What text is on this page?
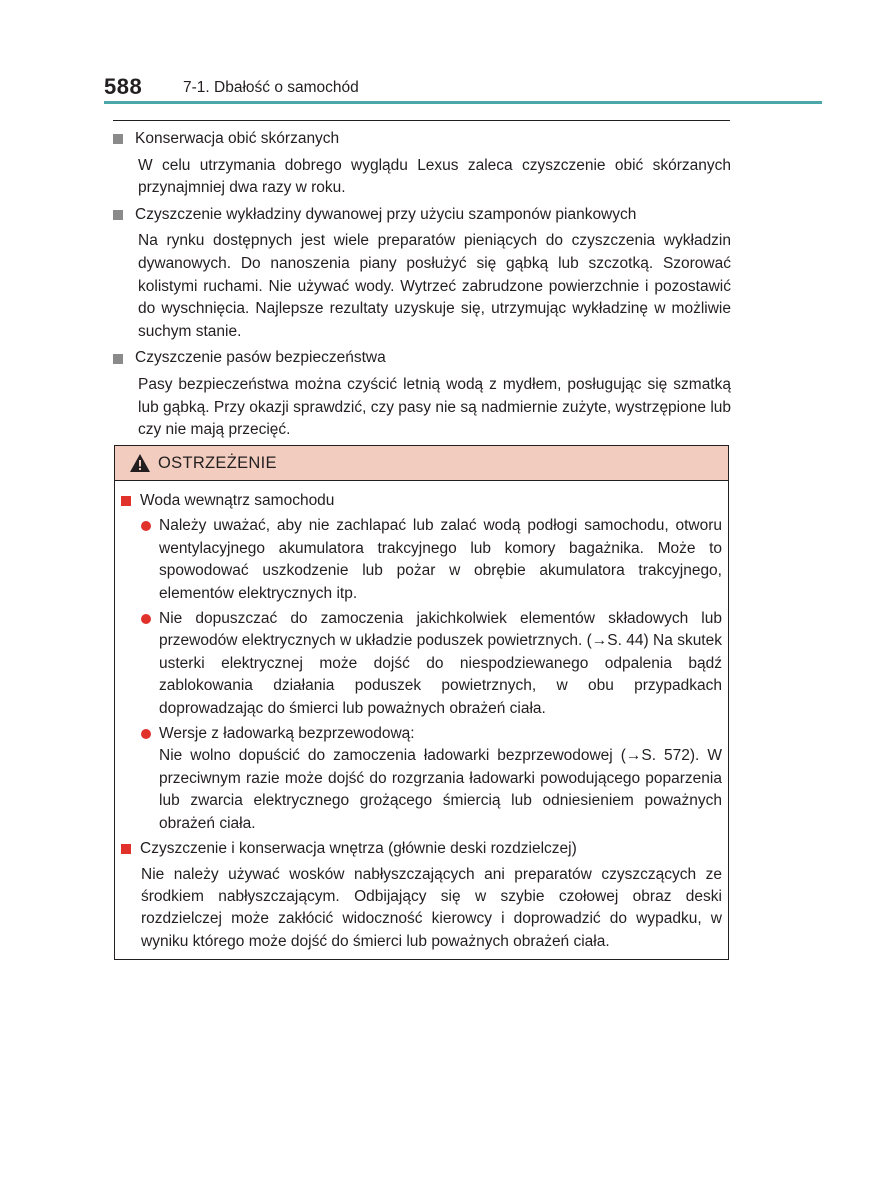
588	7-1. Dbałość o samochód
Konserwacja obić skórzanych

W celu utrzymania dobrego wyglądu Lexus zaleca czyszczenie obić skórzanych przynajmniej dwa razy w roku.

Czyszczenie wykładziny dywanowej przy użyciu szamponów piankowych

Na rynku dostępnych jest wiele preparatów pieniących do czyszczenia wykładzin dywanowych. Do nanoszenia piany posłużyć się gąbką lub szczotką. Szorować kolistymi ruchami. Nie używać wody. Wytrzeć zabrudzone powierzchnie i pozostawić do wyschnięcia. Najlepsze rezultaty uzyskuje się, utrzymując wykładzinę w możliwie suchym stanie.

Czyszczenie pasów bezpieczeństwa

Pasy bezpieczeństwa można czyścić letnią wodą z mydłem, posługując się szmatką lub gąbką. Przy okazji sprawdzić, czy pasy nie są nadmiernie zużyte, wystrzępione lub czy nie mają przecięć.

OSTRZEŻENIE
Woda wewnątrz samochodu
Należy uważać, aby nie zachlapać lub zalać wodą podłogi samochodu, otworu wentylacyjnego akumulatora trakcyjnego lub komory bagażnika. Może to spowodować uszkodzenie lub pożar w obrębie akumulatora trakcyjnego, elementów elektrycznych itp.
Nie dopuszczać do zamoczenia jakichkolwiek elementów składowych lub przewodów elektrycznych w układzie poduszek powietrznych. (→S. 44) Na skutek usterki elektrycznej może dojść do niespodziewanego odpalenia bądź zablokowania działania poduszek powietrznych, w obu przypadkach doprowadzając do śmierci lub poważnych obrażeń ciała.
Wersje z ładowarką bezprzewodową:
Nie wolno dopuścić do zamoczenia ładowarki bezprzewodowej (→S. 572). W przeciwnym razie może dojść do rozgrzania ładowarki powodującego poparzenia lub zwarcia elektrycznego grożącego śmiercią lub odniesieniem poważnych obrażeń ciała.
Czyszczenie i konserwacja wnętrza (głównie deski rozdzielczej)

Nie należy używać wosków nabłyszczających ani preparatów czyszczących ze środkiem nabłyszczającym. Odbijający się w szybie czołowej obraz deski rozdzielczej może zakłócić widoczność kierowcy i doprowadzić do wypadku, w wyniku którego może dojść do śmierci lub poważnych obrażeń ciała.
